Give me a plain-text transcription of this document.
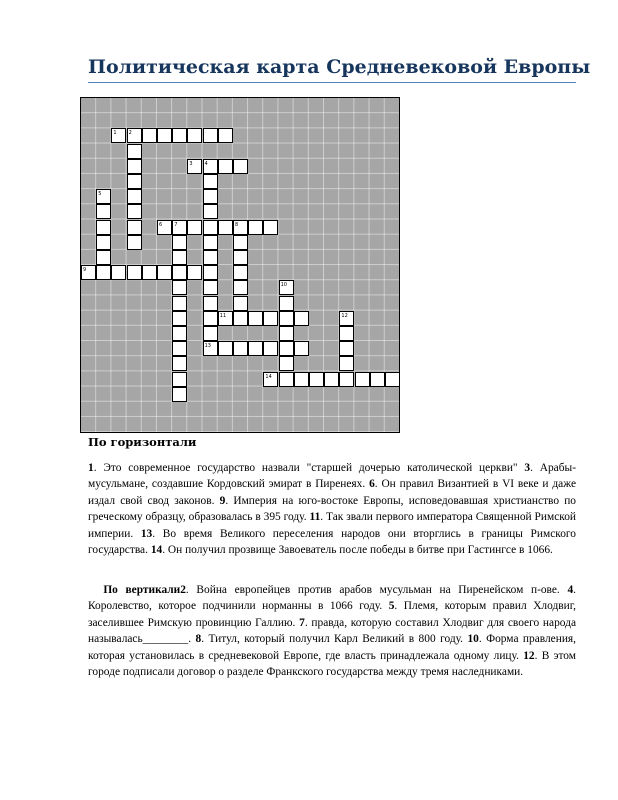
Политическая карта Средневековой Европы
1 2
3 4
5
6 7	8
9
10
11	12
13
14
По горизонтали
1. Это современное государство назвали "старшей дочерью католической церкви" 3. Арабы-мусульмане, создавшие Кордовский эмират в Пиренеях. 6. Он правил Византией в VI веке и даже издал свой свод законов. 9. Империя на юго-востоке Европы, исповедовавшая христианство по греческому образцу, образовалась в 395 году. 11. Так звали первого императора Священной Римской империи. 13. Во время Великого переселения народов они вторглись в границы Римского государства. 14. Он получил прозвище Завоеватель после победы в битве при Гастингсе в 1066.
По вертикали2. Война европейцев против арабов мусульман на Пиренейском п-ове. 4. Королевство, которое подчинили норманны в 1066 году. 5. Племя, которым правил Хлодвиг, заселившее Римскую провинцию Галлию. 7. правда, которую составил Хлодвиг для своего народа называлась________. 8. Титул, который получил Карл Великий в 800 году. 10. Форма правления, которая установилась в средневековой Европе, где власть принадлежала одному лицу. 12. В этом городе подписали договор о разделе Франкского государства между тремя наследниками.
